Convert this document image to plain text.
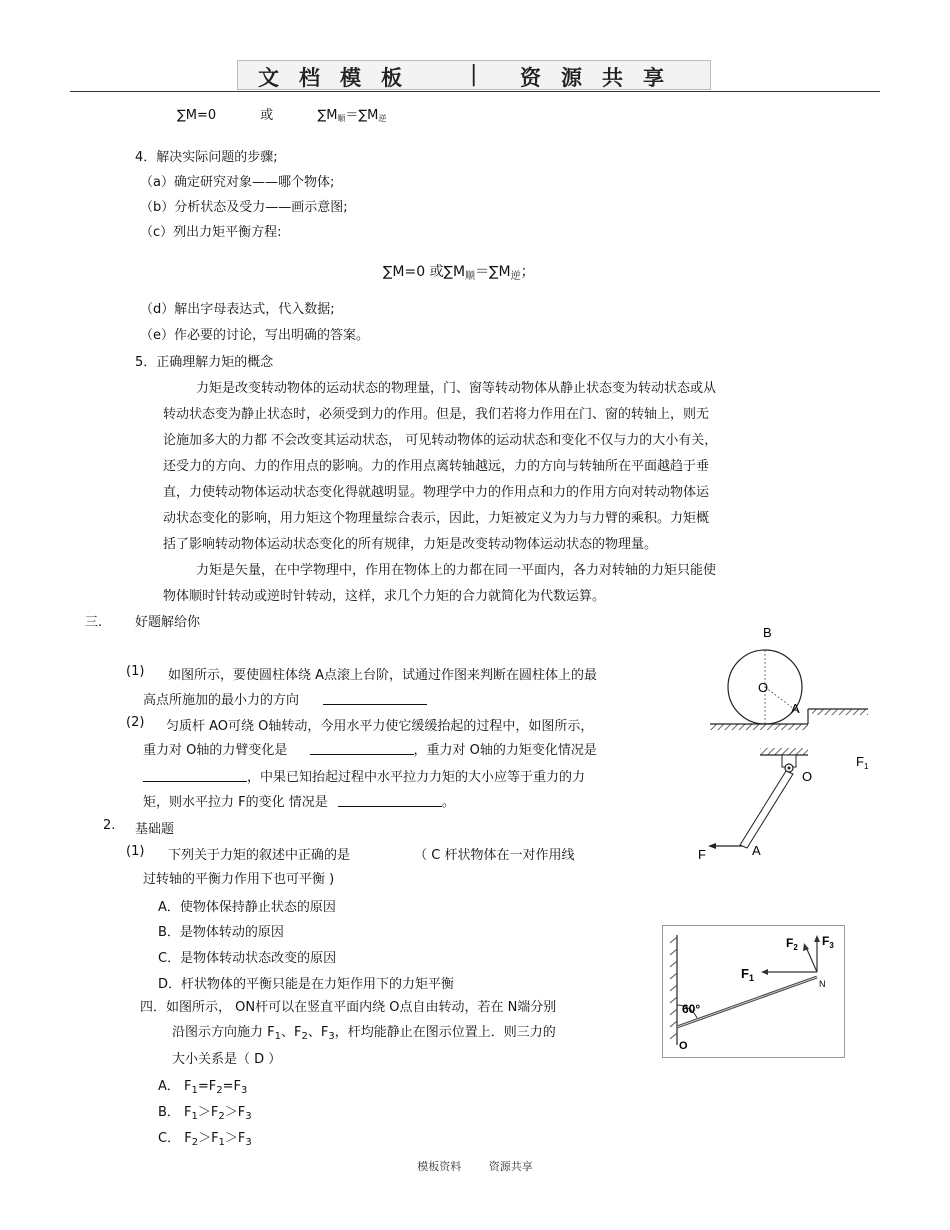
文档模板 | 资源共享
∑M=0	或	$\sum M_顺=\sum M_逆$
4．解决实际问题的步骤;
（a）确定研究对象——哪个物体;
（b）分析状态及受力——画示意图;
（c）列出力矩平衡方程:
∑M=0 或$\sum M_顺=\sum M_逆$；
（d）解出字母表达式，代入数据;
（e）作必要的讨论，写出明确的答案。
5．正确理解力矩的概念
力矩是改变转动物体的运动状态的物理量，门、窗等转动物体从静止状态变为转动状态或从
转动状态变为静止状态时，必须受到力的作用。但是，我们若将力作用在门、窗的转轴上，则无
论施加多大的力都 不会改变其运动状态， 可见转动物体的运动状态和变化不仅与力的大小有关，
还受力的方向、力的作用点的影响。力的作用点离转轴越远，力的方向与转轴所在平面越趋于垂
直，力使转动物体运动状态变化得就越明显。物理学中力的作用点和力的作用方向对转动物体运
动状态变化的影响，用力矩这个物理量综合表示，因此，力矩被定义为力与力臂的乘积。力矩概
括了影响转动物体运动状态变化的所有规律，力矩是改变转动物体运动状态的物理量。
力矩是矢量，在中学物理中，作用在物体上的力都在同一平面内，各力对转轴的力矩只能使
物体顺时针转动或逆时针转动，这样，求几个力矩的合力就简化为代数运算。
三.	好题解给你
(1) 如图所示，要使圆柱体绕 A点滚上台阶，试通过作图来判断在圆柱体上的最
高点所施加的最小力的方向
(2) 匀质杆 AO可绕 O轴转动，今用水平力使它缓缓抬起的过程中，如图所示，
重力对 O轴的力臂变化是	，重力对 O轴的力矩变化情况是
，中果已知抬起过程中水平拉力力矩的大小应等于重力的力
矩，则水平拉力 F的变化 情况是	。
2. 基础题
(1) 下列关于力矩的叙述中正确的是	（ C 杆状物体在一对作用线
过转轴的平衡力作用下也可平衡 )
A．使物体保持静止状态的原因
B．是物体转动的原因
C．是物体转动状态改变的原因
D．杆状物体的平衡只能是在力矩作用下的力矩平衡
四．如图所示， ON杆可以在竖直平面内绕 O点自由转动，若在 N端分别
沿图示方向施力 $F_1$、$F_2$、$F_3$，杆均能静止在图示位置上．则三力的
大小关系是（ D ）
A． $F_1=F_2=F_3$
B． $F_1>F_2>F_3$
C． $F_2>F_1>F_3$
B
O
A
$F_1$
O
F	A
$F_1$
$F_2$ $F_3$
N
60°
O
模板资料	资源共享
